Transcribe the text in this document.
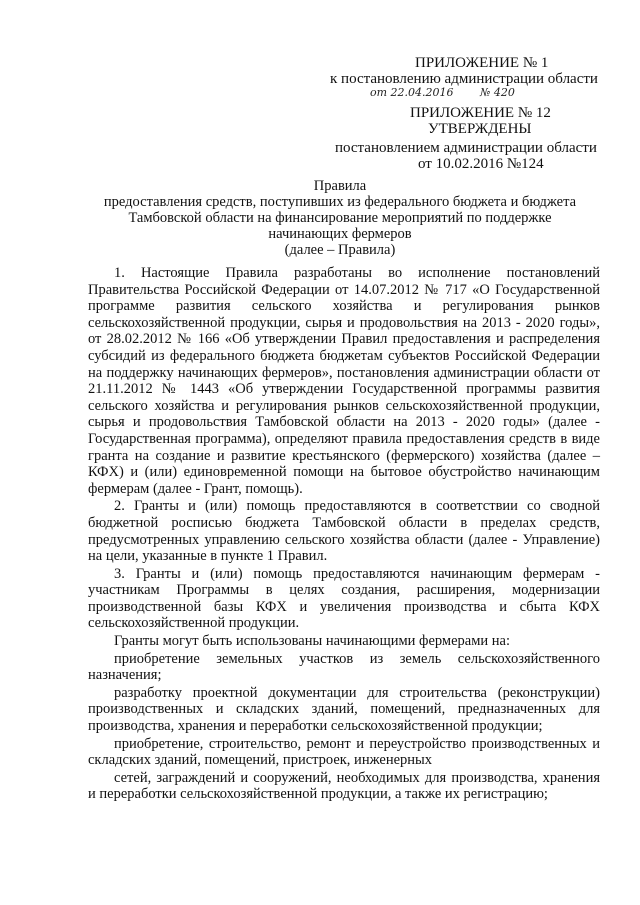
ПРИЛОЖЕНИЕ № 1
к постановлению администрации области
от 22.04.2016 № 420
ПРИЛОЖЕНИЕ № 12
УТВЕРЖДЕНЫ
постановлением администрации области
от 10.02.2016 №124
Правила
предоставления средств, поступивших из федерального бюджета и бюджета
Тамбовской области на финансирование мероприятий по поддержке
начинающих фермеров
(далее – Правила)

1. Настоящие Правила разработаны во исполнение постановлений Правительства Российской Федерации от 14.07.2012 № 717 «О Государственной программе развития сельского хозяйства и регулирования рынков сельскохозяйственной продукции, сырья и продовольствия на 2013 - 2020 годы», от 28.02.2012 № 166 «Об утверждении Правил предоставления и распределения субсидий из федерального бюджета бюджетам субъектов Российской Федерации на поддержку начинающих фермеров», постановления администрации области от 21.11.2012 № 1443 «Об утверждении Государственной программы развития сельского хозяйства и регулирования рынков сельскохозяйственной продукции, сырья и продовольствия Тамбовской области на 2013 - 2020 годы» (далее - Государственная программа), определяют правила предоставления средств в виде гранта на создание и развитие крестьянского (фермерского) хозяйства (далее – КФХ) и (или) единовременной помощи на бытовое обустройство начинающим фермерам (далее - Грант, помощь).

2. Гранты и (или) помощь предоставляются в соответствии со сводной бюджетной росписью бюджета Тамбовской области в пределах средств, предусмотренных управлению сельского хозяйства области (далее - Управление) на цели, указанные в пункте 1 Правил.

3. Гранты и (или) помощь предоставляются начинающим фермерам - участникам Программы в целях создания, расширения, модернизации производственной базы КФХ и увеличения производства и сбыта КФХ сельскохозяйственной продукции.

Гранты могут быть использованы начинающими фермерами на:

приобретение земельных участков из земель сельскохозяйственного назначения;

разработку проектной документации для строительства (реконструкции) производственных и складских зданий, помещений, предназначенных для производства, хранения и переработки сельскохозяйственной продукции;

приобретение, строительство, ремонт и переустройство производственных и складских зданий, помещений, пристроек, инженерных

сетей, заграждений и сооружений, необходимых для производства, хранения и переработки сельскохозяйственной продукции, а также их регистрацию;
